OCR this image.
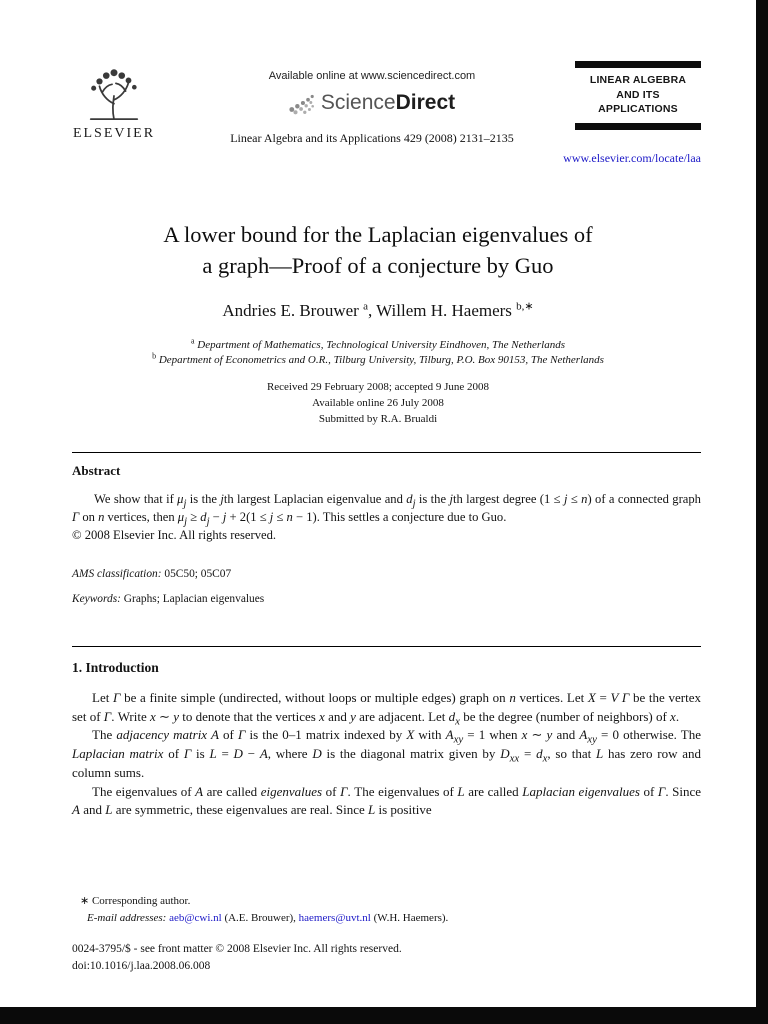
ELSEVIER
Available online at www.sciencedirect.com
ScienceDirect
Linear Algebra and its Applications 429 (2008) 2131–2135
LINEAR ALGEBRA
AND ITS
APPLICATIONS
www.elsevier.com/locate/laa
A lower bound for the Laplacian eigenvalues of
a graph—Proof of a conjecture by Guo
Andries E. Brouwer $^a$, Willem H. Haemers $^{b,∗}$
$^a$ Department of Mathematics, Technological University Eindhoven, The Netherlands
$^b$ Department of Econometrics and O.R., Tilburg University, Tilburg, P.O. Box 90153, The Netherlands
Received 29 February 2008; accepted 9 June 2008
Available online 26 July 2008
Submitted by R.A. Brualdi
Abstract

We show that if $\mu_j$ is the jth largest Laplacian eigenvalue and $d_j$ is the jth largest degree (1 ≤ j ≤ n) of a connected graph Γ on n vertices, then $\mu_j \ge d_j - j + 2(1 \le j \le n - 1)$. This settles a conjecture due to Guo.

© 2008 Elsevier Inc. All rights reserved.

AMS classification: 05C50; 05C07

Keywords: Graphs; Laplacian eigenvalues

1. Introduction

Let Γ be a finite simple (undirected, without loops or multiple edges) graph on n vertices. Let X = V Γ be the vertex set of Γ. Write x ∼ y to denote that the vertices x and y are adjacent. Let $d_x$ be the degree (number of neighbors) of x.

The adjacency matrix A of Γ is the 0–1 matrix indexed by X with $A_{xy} = 1$ when x ∼ y and $A_{xy} = 0$ otherwise. The Laplacian matrix of Γ is L = D − A, where D is the diagonal matrix given by $D_{xx} = d_x$, so that L has zero row and column sums.

The eigenvalues of A are called eigenvalues of Γ. The eigenvalues of L are called Laplacian eigenvalues of Γ. Since A and L are symmetric, these eigenvalues are real. Since L is positive

∗ Corresponding author.

E-mail addresses: aeb@cwi.nl (A.E. Brouwer), haemers@uvt.nl (W.H. Haemers).

0024-3795/$ - see front matter © 2008 Elsevier Inc. All rights reserved.
doi:10.1016/j.laa.2008.06.008
